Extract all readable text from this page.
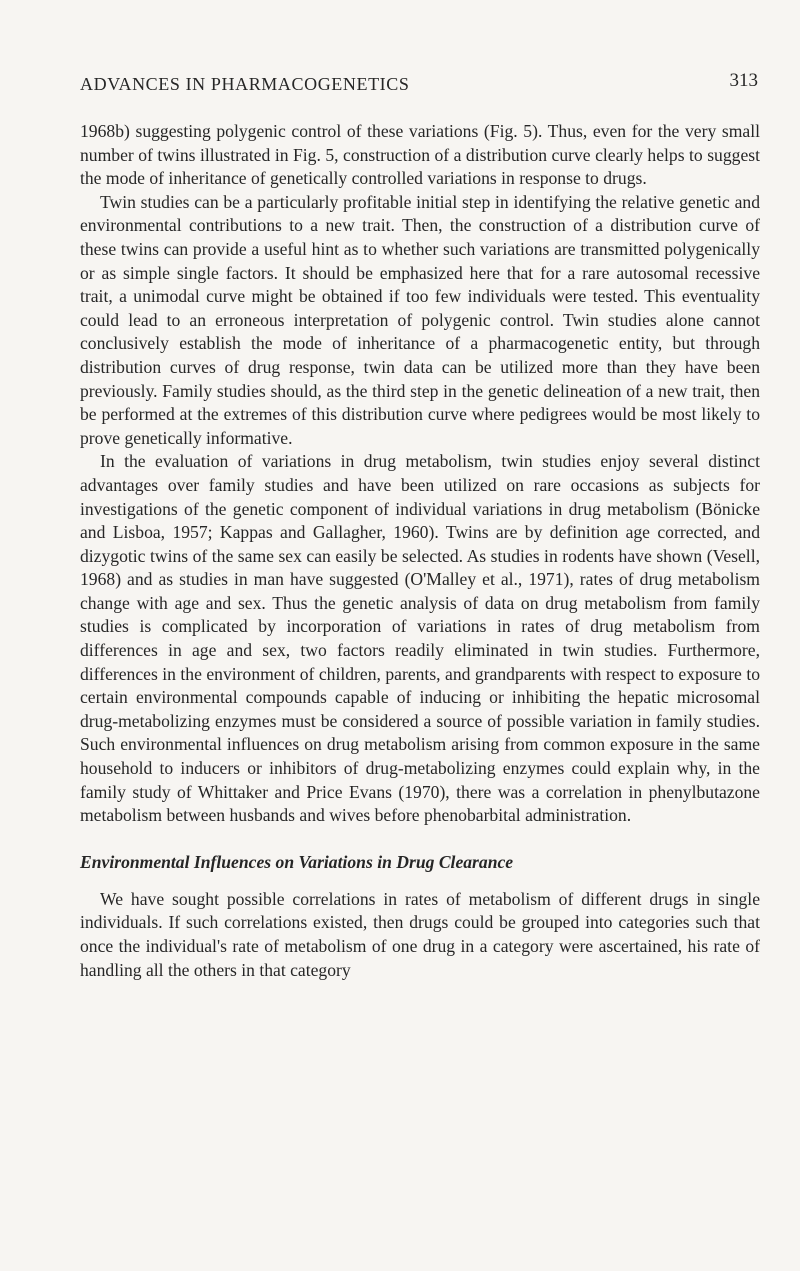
ADVANCES IN PHARMACOGENETICS	313

1968b) suggesting polygenic control of these variations (Fig. 5). Thus, even for the very small number of twins illustrated in Fig. 5, construction of a distribution curve clearly helps to suggest the mode of inheritance of genetically controlled variations in response to drugs.

Twin studies can be a particularly profitable initial step in identifying the relative genetic and environmental contributions to a new trait. Then, the construction of a distribution curve of these twins can provide a useful hint as to whether such variations are transmitted polygenically or as simple single factors. It should be emphasized here that for a rare autosomal recessive trait, a unimodal curve might be obtained if too few individuals were tested. This eventuality could lead to an erroneous interpretation of polygenic control. Twin studies alone cannot conclusively establish the mode of inheritance of a pharmacogenetic entity, but through distribution curves of drug response, twin data can be utilized more than they have been previously. Family studies should, as the third step in the genetic delineation of a new trait, then be performed at the extremes of this distribution curve where pedigrees would be most likely to prove genetically informative.

In the evaluation of variations in drug metabolism, twin studies enjoy several distinct advantages over family studies and have been utilized on rare occasions as subjects for investigations of the genetic component of individual variations in drug metabolism (Bönicke and Lisboa, 1957; Kappas and Gallagher, 1960). Twins are by definition age corrected, and dizygotic twins of the same sex can easily be selected. As studies in rodents have shown (Vesell, 1968) and as studies in man have suggested (O'Malley et al., 1971), rates of drug metabolism change with age and sex. Thus the genetic analysis of data on drug metabolism from family studies is complicated by incorporation of variations in rates of drug metabolism from differences in age and sex, two factors readily eliminated in twin studies. Furthermore, differences in the environment of children, parents, and grandparents with respect to exposure to certain environmental compounds capable of inducing or inhibiting the hepatic microsomal drug-metabolizing enzymes must be considered a source of possible variation in family studies. Such environmental influences on drug metabolism arising from common exposure in the same household to inducers or inhibitors of drug-metabolizing enzymes could explain why, in the family study of Whittaker and Price Evans (1970), there was a correlation in phenylbutazone metabolism between husbands and wives before phenobarbital administration.

Environmental Influences on Variations in Drug Clearance

We have sought possible correlations in rates of metabolism of different drugs in single individuals. If such correlations existed, then drugs could be grouped into categories such that once the individual's rate of metabolism of one drug in a category were ascertained, his rate of handling all the others in that category
